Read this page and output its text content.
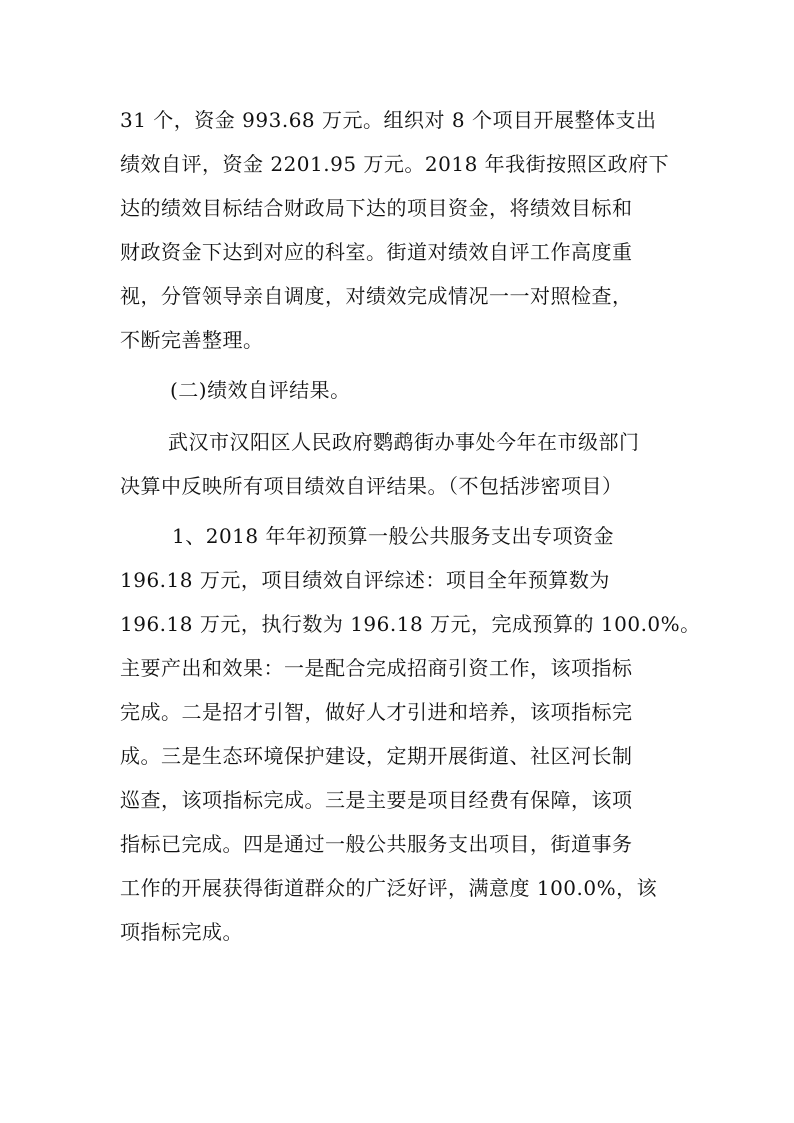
31 个，资金 993.68 万元。组织对 8 个项目开展整体支出
绩效自评，资金 2201.95 万元。2018 年我街按照区政府下
达的绩效目标结合财政局下达的项目资金，将绩效目标和
财政资金下达到对应的科室。街道对绩效自评工作高度重
视，分管领导亲自调度，对绩效完成情况一一对照检查，
不断完善整理。
(二)绩效自评结果。
武汉市汉阳区人民政府鹦鹉街办事处今年在市级部门
决算中反映所有项目绩效自评结果。（不包括涉密项目）
1、2018 年年初预算一般公共服务支出专项资金
196.18 万元，项目绩效自评综述：项目全年预算数为
196.18 万元，执行数为 196.18 万元，完成预算的 100.0%。
主要产出和效果：一是配合完成招商引资工作，该项指标
完成。二是招才引智，做好人才引进和培养，该项指标完
成。三是生态环境保护建设，定期开展街道、社区河长制
巡查，该项指标完成。三是主要是项目经费有保障，该项
指标已完成。四是通过一般公共服务支出项目，街道事务
工作的开展获得街道群众的广泛好评，满意度 100.0%，该
项指标完成。
